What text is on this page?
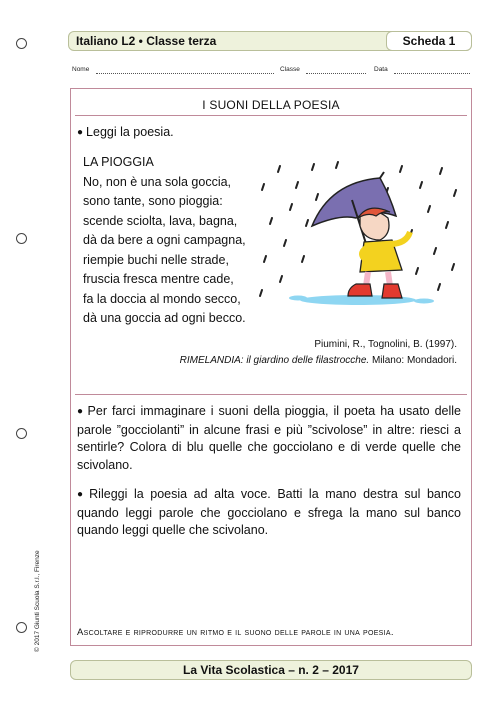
Italiano L2 • Classe terza	Scheda 1
Nome	Classe	Data
I SUONI DELLA POESIA
● Leggi la poesia.
LA PIOGGIA
No, non è una sola goccia,
sono tante, sono pioggia:
scende sciolta, lava, bagna,
dà da bere a ogni campagna,
riempie buchi nelle strade,
fruscia fresca mentre cade,
fa la doccia al mondo secco,
dà una goccia ad ogni becco.
Piumini, R., Tognolini, B. (1997).
RIMELANDIA: il giardino delle filastrocche. Milano: Mondadori.
● Per farci immaginare i suoni della pioggia, il poeta ha usato delle parole ”gocciolanti” in alcune frasi e più ”scivolose” in altre: riesci a sentirle? Colora di blu quelle che gocciolano e di verde quelle che scivolano.
● Rileggi la poesia ad alta voce. Batti la mano destra sul banco quando leggi parole che gocciolano e sfrega la mano sul banco quando leggi quelle che scivolano.
Ascoltare e riprodurre un ritmo e il suono delle parole in una poesia.
La Vita Scolastica – n. 2 – 2017
© 2017 Giunti Scuola S.r.l., Firenze
